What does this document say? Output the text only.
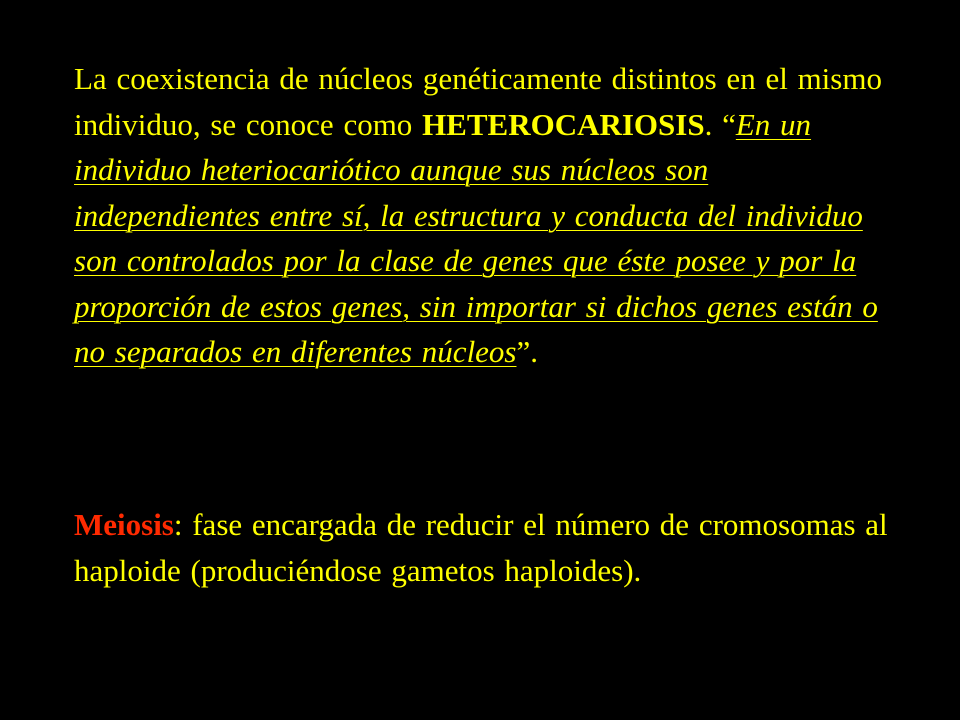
La coexistencia de núcleos genéticamente distintos en el mismo individuo, se conoce como HETEROCARIOSIS. “En un individuo heteriocariótico aunque sus núcleos son independientes entre sí, la estructura y conducta del individuo son controlados por la clase de genes que éste posee y por la proporción de estos genes, sin importar si dichos genes están o no separados en diferentes núcleos”.

Meiosis: fase encargada de reducir el número de cromosomas al haploide (produciéndose gametos haploides).
